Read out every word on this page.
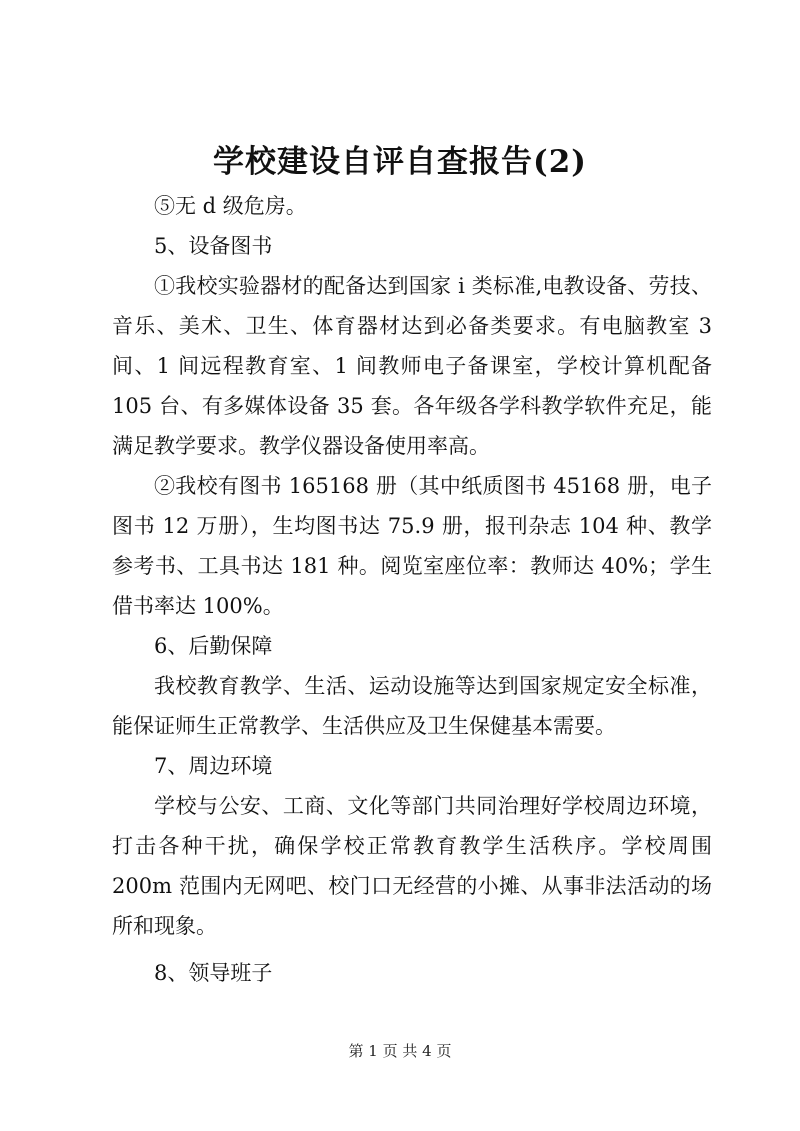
学校建设自评自查报告(2)

⑤无 d 级危房。

5、设备图书

①我校实验器材的配备达到国家 i 类标准,电教设备、劳技、音乐、美术、卫生、体育器材达到必备类要求。有电脑教室 3 间、1 间远程教育室、1 间教师电子备课室，学校计算机配备 105 台、有多媒体设备 35 套。各年级各学科教学软件充足，能满足教学要求。教学仪器设备使用率高。

②我校有图书 165168 册（其中纸质图书 45168 册，电子图书 12 万册），生均图书达 75.9 册，报刊杂志 104 种、教学参考书、工具书达 181 种。阅览室座位率：教师达 40%；学生借书率达 100%。

6、后勤保障

我校教育教学、生活、运动设施等达到国家规定安全标准，能保证师生正常教学、生活供应及卫生保健基本需要。

7、周边环境

学校与公安、工商、文化等部门共同治理好学校周边环境，打击各种干扰，确保学校正常教育教学生活秩序。学校周围 200m 范围内无网吧、校门口无经营的小摊、从事非法活动的场所和现象。

8、领导班子

第 1 页 共 4 页
